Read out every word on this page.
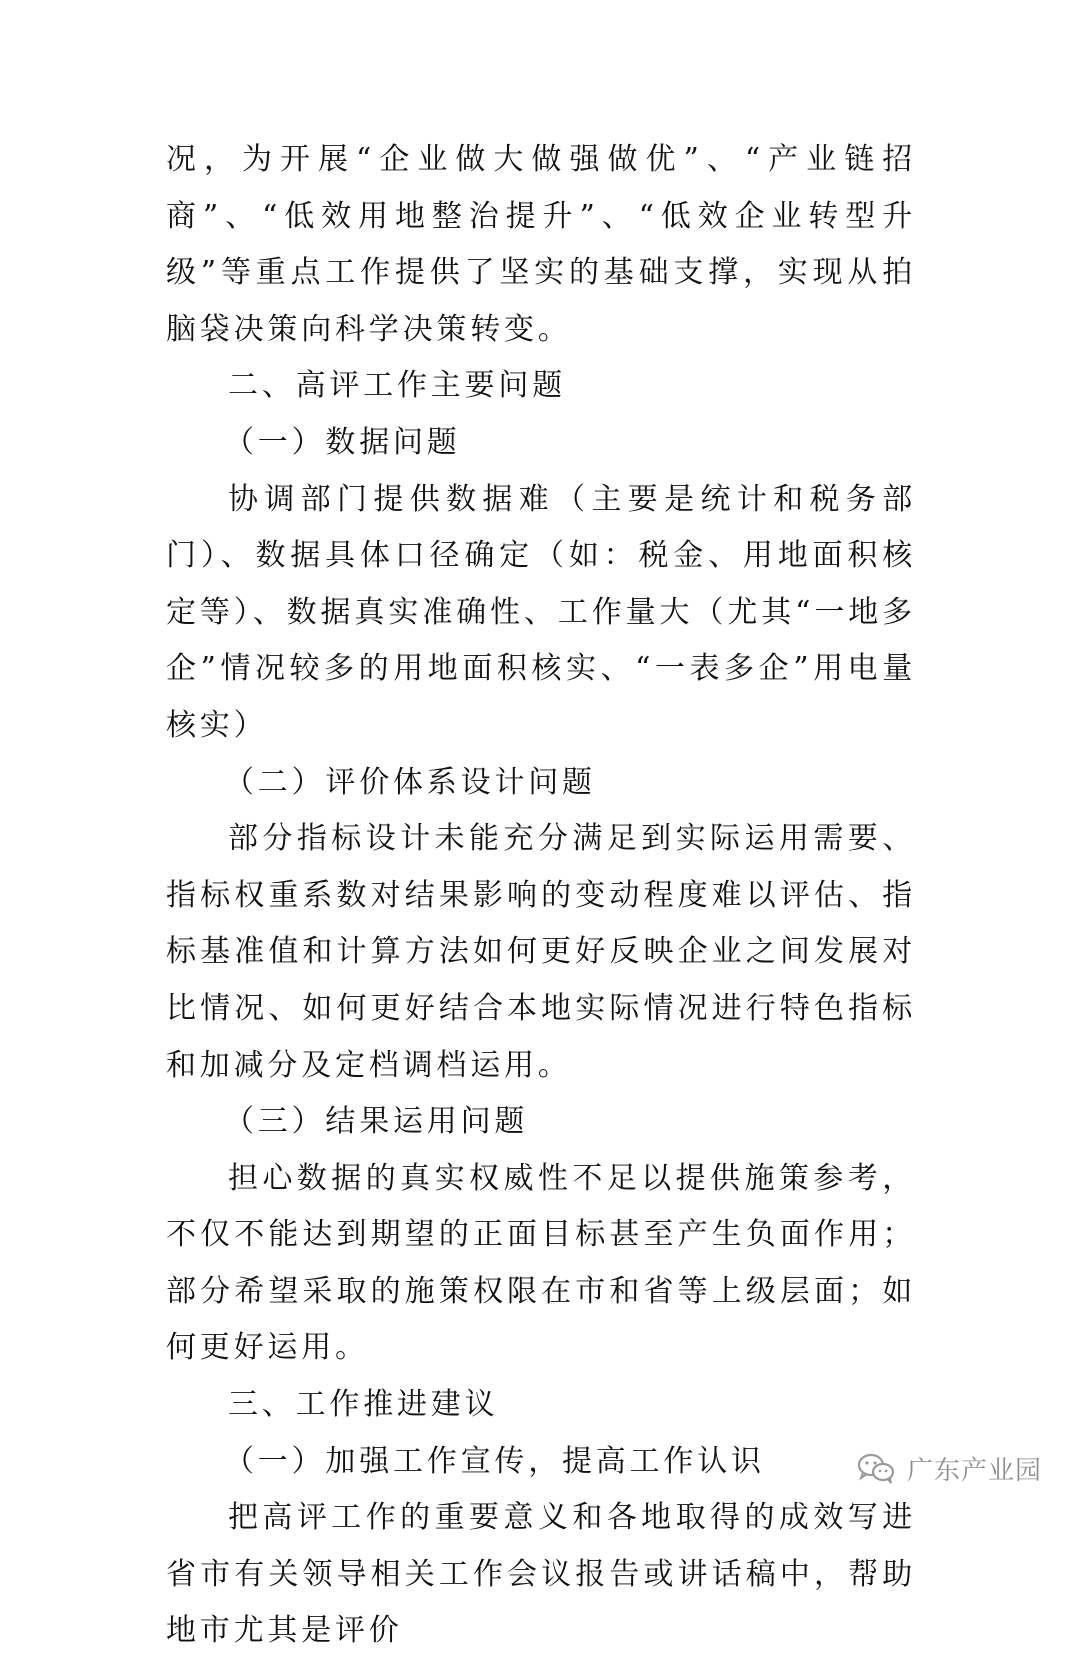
况，为开展“企业做大做强做优”、“产业链招商”、“低效用地整治提升”、“低效企业转型升级”等重点工作提供了坚实的基础支撑，实现从拍脑袋决策向科学决策转变。

二、高评工作主要问题

（一）数据问题

协调部门提供数据难（主要是统计和税务部门）、数据具体口径确定（如：税金、用地面积核定等）、数据真实准确性、工作量大（尤其“一地多企”情况较多的用地面积核实、“一表多企”用电量核实）

（二）评价体系设计问题

部分指标设计未能充分满足到实际运用需要、指标权重系数对结果影响的变动程度难以评估、指标基准值和计算方法如何更好反映企业之间发展对比情况、如何更好结合本地实际情况进行特色指标和加减分及定档调档运用。

（三）结果运用问题

担心数据的真实权威性不足以提供施策参考，不仅不能达到期望的正面目标甚至产生负面作用；部分希望采取的施策权限在市和省等上级层面；如何更好运用。

三、工作推进建议

（一）加强工作宣传，提高工作认识

把高评工作的重要意义和各地取得的成效写进省市有关领导相关工作会议报告或讲话稿中，帮助地市尤其是评价

广东产业园
